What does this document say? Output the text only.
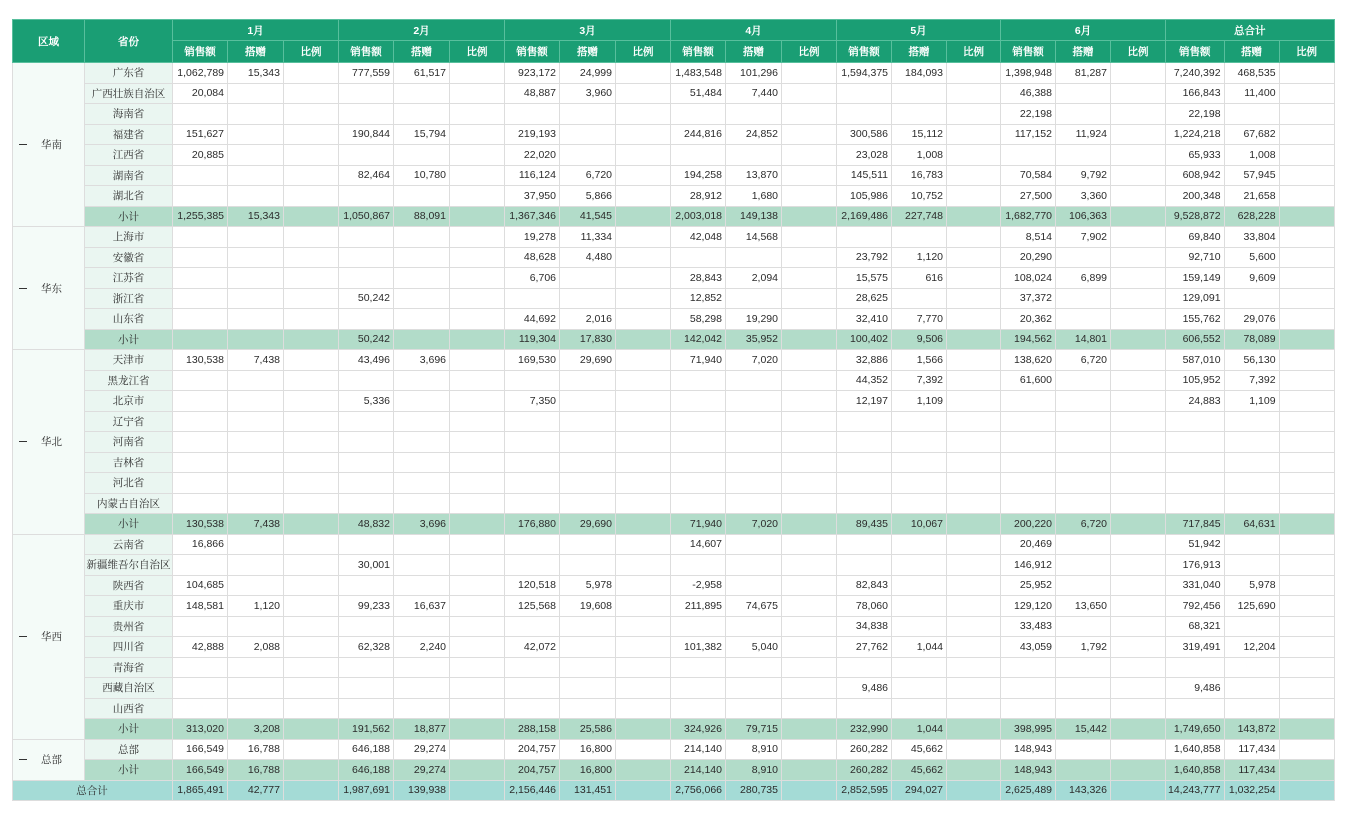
区域	省份	1月			2月			3月			4月			5月			6月			总合计		
		销售额	搭赠	比例	销售额	搭赠	比例	销售额	搭赠	比例	销售额	搭赠	比例	销售额	搭赠	比例	销售额	搭赠	比例	销售额	搭赠	比例
华南	广东省	1,062,789	15,343		777,559	61,517		923,172	24,999		1,483,548	101,296		1,594,375	184,093		1,398,948	81,287		7,240,392	468,535	
	广西壮族自治区	20,084						48,887	3,960		51,484	7,440					46,388			166,843	11,400	
	海南省																22,198			22,198		
	福建省	151,627			190,844	15,794		219,193			244,816	24,852		300,586	15,112		117,152	11,924		1,224,218	67,682	
	江西省	20,885						22,020						23,028	1,008					65,933	1,008	
	湖南省				82,464	10,780		116,124	6,720		194,258	13,870		145,511	16,783		70,584	9,792		608,942	57,945	
	湖北省							37,950	5,866		28,912	1,680		105,986	10,752		27,500	3,360		200,348	21,658	
	小计	1,255,385	15,343		1,050,867	88,091		1,367,346	41,545		2,003,018	149,138		2,169,486	227,748		1,682,770	106,363		9,528,872	628,228	
华东	上海市							19,278	11,334		42,048	14,568					8,514	7,902		69,840	33,804	
	安徽省							48,628	4,480					23,792	1,120		20,290			92,710	5,600	
	江苏省							6,706			28,843	2,094		15,575	616		108,024	6,899		159,149	9,609	
	浙江省				50,242						12,852			28,625			37,372			129,091		
	山东省							44,692	2,016		58,298	19,290		32,410	7,770		20,362			155,762	29,076	
	小计				50,242			119,304	17,830		142,042	35,952		100,402	9,506		194,562	14,801		606,552	78,089	
华北	天津市	130,538	7,438		43,496	3,696		169,530	29,690		71,940	7,020		32,886	1,566		138,620	6,720		587,010	56,130	
	黑龙江省													44,352	7,392		61,600			105,952	7,392	
	北京市				5,336			7,350						12,197	1,109					24,883	1,109	
	辽宁省																					
	河南省																					
	吉林省																					
	河北省																					
	内蒙古自治区																					
	小计	130,538	7,438		48,832	3,696		176,880	29,690		71,940	7,020		89,435	10,067		200,220	6,720		717,845	64,631	
华西	云南省	16,866									14,607						20,469			51,942		
	新疆维吾尔自治区				30,001												146,912			176,913		
	陕西省	104,685						120,518	5,978		-2,958			82,843			25,952			331,040	5,978	
	重庆市	148,581	1,120		99,233	16,637		125,568	19,608		211,895	74,675		78,060			129,120	13,650		792,456	125,690	
	贵州省													34,838			33,483			68,321		
	四川省	42,888	2,088		62,328	2,240		42,072			101,382	5,040		27,762	1,044		43,059	1,792		319,491	12,204	
	青海省																					
	西藏自治区													9,486						9,486		
	山西省																					
	小计	313,020	3,208		191,562	18,877		288,158	25,586		324,926	79,715		232,990	1,044		398,995	15,442		1,749,650	143,872	
总部	总部	166,549	16,788		646,188	29,274		204,757	16,800		214,140	8,910		260,282	45,662		148,943			1,640,858	117,434	
	小计	166,549	16,788		646,188	29,274		204,757	16,800		214,140	8,910		260,282	45,662		148,943			1,640,858	117,434	
总合计		1,865,491	42,777		1,987,691	139,938		2,156,446	131,451		2,756,066	280,735		2,852,595	294,027		2,625,489	143,326		14,243,777	1,032,254	
